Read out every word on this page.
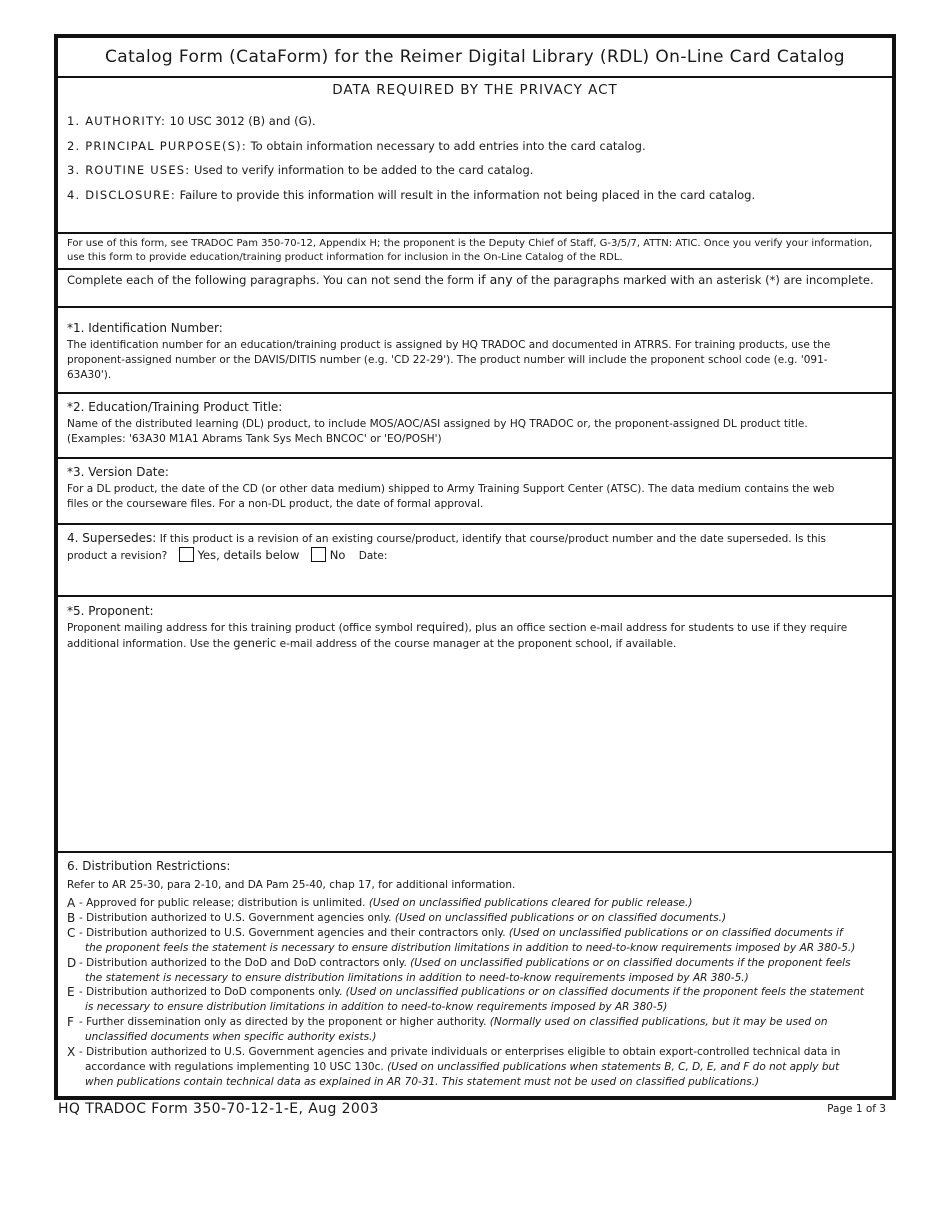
Catalog Form (CataForm) for the Reimer Digital Library (RDL) On-Line Card Catalog
DATA REQUIRED BY THE PRIVACY ACT
1. AUTHORITY: 10 USC 3012 (B) and (G).
2. PRINCIPAL PURPOSE(S): To obtain information necessary to add entries into the card catalog.
3. ROUTINE USES: Used to verify information to be added to the card catalog.
4. DISCLOSURE: Failure to provide this information will result in the information not being placed in the card catalog.
For use of this form, see TRADOC Pam 350-70-12, Appendix H; the proponent is the Deputy Chief of Staff, G-3/5/7, ATTN: ATIC. Once you verify your information, use this form to provide education/training product information for inclusion in the On-Line Catalog of the RDL.
Complete each of the following paragraphs. You can not send the form if any of the paragraphs marked with an asterisk (*) are incomplete.
*1. Identification Number:
The identification number for an education/training product is assigned by HQ TRADOC and documented in ATRRS. For training products, use the proponent-assigned number or the DAVIS/DITIS number (e.g. 'CD 22-29'). The product number will include the proponent school code (e.g. '091-63A30').
*2. Education/Training Product Title:
Name of the distributed learning (DL) product, to include MOS/AOC/ASI assigned by HQ TRADOC or, the proponent-assigned DL product title. (Examples: '63A30 M1A1 Abrams Tank Sys Mech BNCOC' or 'EO/POSH')
*3. Version Date:
For a DL product, the date of the CD (or other data medium) shipped to Army Training Support Center (ATSC). The data medium contains the web files or the courseware files. For a non-DL product, the date of formal approval.
4. Supersedes: If this product is a revision of an existing course/product, identify that course/product number and the date superseded. Is this product a revision?	Yes, details below	No Date:
*5. Proponent:
Proponent mailing address for this training product (office symbol required), plus an office section e-mail address for students to use if they require additional information. Use the generic e-mail address of the course manager at the proponent school, if available.
6. Distribution Restrictions:
Refer to AR 25-30, para 2-10, and DA Pam 25-40, chap 17, for additional information.
A - Approved for public release; distribution is unlimited. (Used on unclassified publications cleared for public release.)
B - Distribution authorized to U.S. Government agencies only. (Used on unclassified publications or on classified documents.)
C - Distribution authorized to U.S. Government agencies and their contractors only. (Used on unclassified publications or on classified documents if
the proponent feels the statement is necessary to ensure distribution limitations in addition to need-to-know requirements imposed by AR 380-5.)
D - Distribution authorized to the DoD and DoD contractors only. (Used on unclassified publications or on classified documents if the proponent feels
the statement is necessary to ensure distribution limitations in addition to need-to-know requirements imposed by AR 380-5.)
E - Distribution authorized to DoD components only. (Used on unclassified publications or on classified documents if the proponent feels the statement
is necessary to ensure distribution limitations in addition to need-to-know requirements imposed by AR 380-5)
F - Further dissemination only as directed by the proponent or higher authority. (Normally used on classified publications, but it may be used on
unclassified documents when specific authority exists.)
X - Distribution authorized to U.S. Government agencies and private individuals or enterprises eligible to obtain export-controlled technical data in
accordance with regulations implementing 10 USC 130c. (Used on unclassified publications when statements B, C, D, E, and F do not apply but
when publications contain technical data as explained in AR 70-31. This statement must not be used on classified publications.)
HQ TRADOC Form 350-70-12-1-E, Aug 2003	Page 1 of 3
